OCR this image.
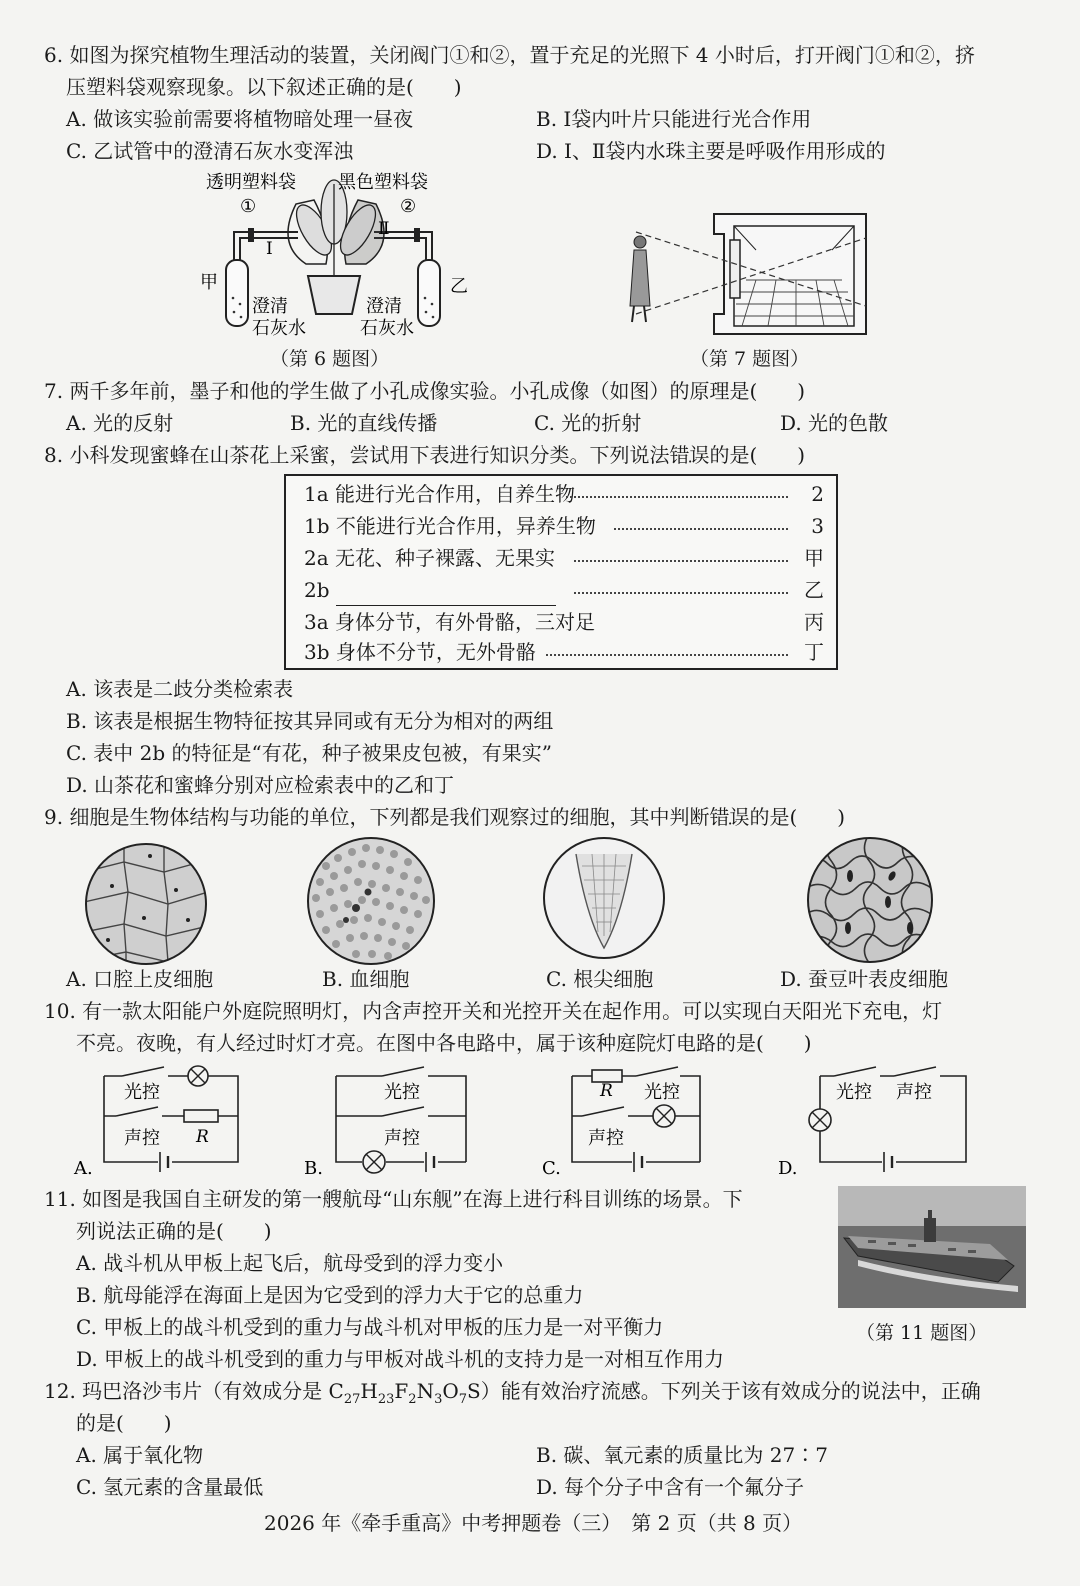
6. 如图为探究植物生理活动的装置，关闭阀门①和②，置于充足的光照下 4 小时后，打开阀门①和②，挤
压塑料袋观察现象。以下叙述正确的是(　　)
A. 做该实验前需要将植物暗处理一昼夜	B. Ⅰ袋内叶片只能进行光合作用
C. 乙试管中的澄清石灰水变浑浊	D. Ⅰ、Ⅱ袋内水珠主要是呼吸作用形成的
透明塑料袋 黑色塑料袋
①	②
Ⅰ
Ⅱ
甲	乙
澄清
石灰水
澄清
石灰水
（第 6 题图）	（第 7 题图）
7. 两千多年前，墨子和他的学生做了小孔成像实验。小孔成像（如图）的原理是(　　)
A. 光的反射	B. 光的直线传播	C. 光的折射	D. 光的色散
8. 小科发现蜜蜂在山茶花上采蜜，尝试用下表进行知识分类。下列说法错误 · ·的是(　　)
1a 能进行光合作用，自养生物	2
1b 不能进行光合作用，异养生物	3
2a 无花、种子裸露、无果实	甲
2b	乙
3a 身体分节，有外骨骼，三对足	丙
3b 身体不分节，无外骨骼	丁
A. 该表是二歧分类检索表
B. 该表是根据生物特征按其异同或有无分为相对的两组
C. 表中 2b 的特征是“有花，种子被果皮包被，有果实”
D. 山茶花和蜜蜂分别对应检索表中的乙和丁
9. 细胞是生物体结构与功能的单位，下列都是我们观察过的细胞，其中判断错误 · ·的是(　　)
A. 口腔上皮细胞	B. 血细胞	C. 根尖细胞	D. 蚕豆叶表皮细胞
10. 有一款太阳能户外庭院照明灯，内含声控开关和光控开关在起作用。可以实现白天阳光下充电，灯
不亮。夜晚，有人经过时灯才亮。在图中各电路中，属于该种庭院灯电路的是(　　)
光控
声控 R
A.
光控
声控
B.
R 光控
声控
C.
光控 声控
D.
11. 如图是我国自主研发的第一艘航母“山东舰”在海上进行科目训练的场景。下
列说法正确的是(　　)
A. 战斗机从甲板上起飞后，航母受到的浮力变小
B. 航母能浮在海面上是因为它受到的浮力大于它的总重力
C. 甲板上的战斗机受到的重力与战斗机对甲板的压力是一对平衡力
D. 甲板上的战斗机受到的重力与甲板对战斗机的支持力是一对相互作用力
（第 11 题图）
12. 玛巴洛沙韦片（有效成分是 $C_{27}H_{23}F_2N_3O_7S$）能有效治疗流感。下列关于该有效成分的说法中，正确
的是(　　)
A. 属于氧化物	B. 碳、氧元素的质量比为 27∶7
C. 氢元素的含量最低	D. 每个分子中含有一个氟分子
2026 年《牵手重高》中考押题卷（三）　第 2 页（共 8 页）
